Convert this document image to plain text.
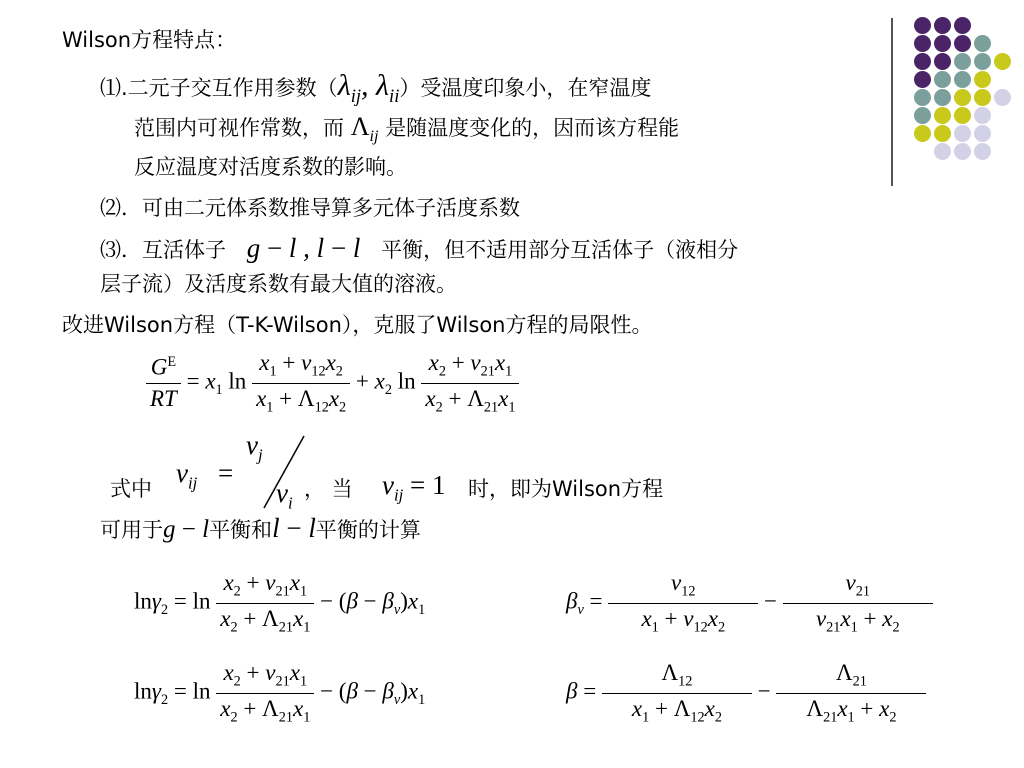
Wilson方程特点：
⑴.二元子交互作用参数（$\lambda_{ij}$, $\lambda_{ii}$）受温度印象小，在窄温度
范围内可视作常数，而 $\Lambda_{ij}$ 是随温度变化的，因而该方程能
反应温度对活度系数的影响。
⑵．可由二元体系数推导算多元体子活度系数
⑶．互活体子 g − l , l − l 平衡，但不适用部分互活体子（液相分
层子流）及活度系数有最大值的溶液。
改进Wilson方程（T-K-Wilson），克服了Wilson方程的局限性。
$\frac{G^E}{RT} = x_1$ $\ln \frac{x_1 + v_{12}x_2}{x_1 + \Lambda_{12}x_2} + x_2$ $\ln \frac{x_2 + v_{21}x_1}{x_2 + \Lambda_{21}x_1}$
式中
$v_{ij}$ =
$v_j$
$v_i$
， 当 $v_{ij} = 1$ 时，即为Wilson方程
可用于g − l平衡和l − l平衡的计算
$\ln\gamma_2 = \ln \frac{x_2 + v_{21}x_1}{x_2 + \Lambda_{21}x_1} - (\beta - \beta_v)x_1$
$\ln\gamma_2 = \ln \frac{x_2 + v_{21}x_1}{x_2 + \Lambda_{21}x_1} - (\beta - \beta_v)x_1$
$\beta_v = \frac{v_{12}}{x_1 + v_{12}x_2} - \frac{v_{21}}{v_{21}x_1 + x_2}$
$\beta = \frac{\Lambda_{12}}{x_1 + \Lambda_{12}x_2} - \frac{\Lambda_{21}}{\Lambda_{21}x_1 + x_2}$
